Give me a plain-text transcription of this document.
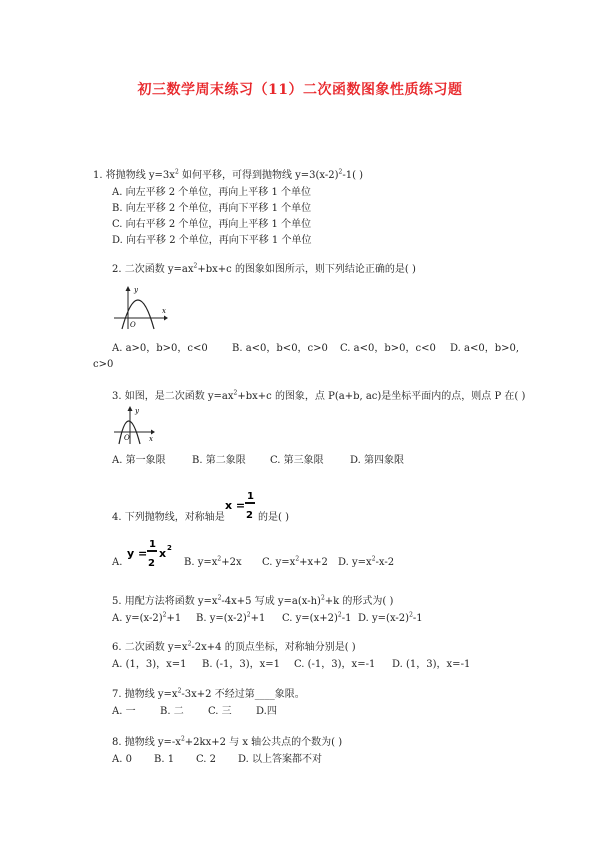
初三数学周末练习（11）二次函数图象性质练习题
1. 将抛物线 $y=3x^2$ 如何平移，可得到抛物线 $y=3(x-2)^2-1$( )
A. 向左平移 2 个单位，再向上平移 1 个单位
B. 向左平移 2 个单位，再向下平移 1 个单位
C. 向右平移 2 个单位，再向上平移 1 个单位
D. 向右平移 2 个单位，再向下平移 1 个单位
2. 二次函数 $y=ax^2+bx+c$ 的图象如图所示，则下列结论正确的是( )
y
x
O
A. a>0，b>0，c<0 B. a<0，b<0，c>0 C. a<0，b>0，c<0 D. a<0，b>0,
c>0
3. 如图，是二次函数 $y=ax^2+bx+c$ 的图象，点 P(a+b, ac)是坐标平面内的点，则点 P 在( )
y
x
O
A. 第一象限	B. 第二象限 C. 第三象限	D. 第四象限
4. 下列抛物线，对称轴是
x =
1
2 的是( )
A.
y =
1
2
x 2
B. $y=x^2+2x$ C. $y=x^2+x+2$ D. $y=x^2-x-2$
5. 用配方法将函数 $y=x^2-4x+5$ 写成 $y=a(x-h)^2+k$ 的形式为( )
A. $y=(x-2)^2+1$ B. $y=(x-2)^2+1$ C. $y=(x+2)^2-1$ D. $y=(x-2)^2-1$
6. 二次函数 $y=x^2-2x+4$ 的顶点坐标，对称轴分别是( )
A. (1，3)，x=1 B. (-1，3)，x=1 C. (-1，3)，x=-1 D. (1，3)，x=-1
7. 抛物线 $y=x^2-3x+2$ 不经过第____象限。
A. 一 B. 二 C. 三 D.四
8. 抛物线 $y=-x^2+2kx+2$ 与 x 轴公共点的个数为( )
A. 0 B. 1 C. 2 D. 以上答案都不对
